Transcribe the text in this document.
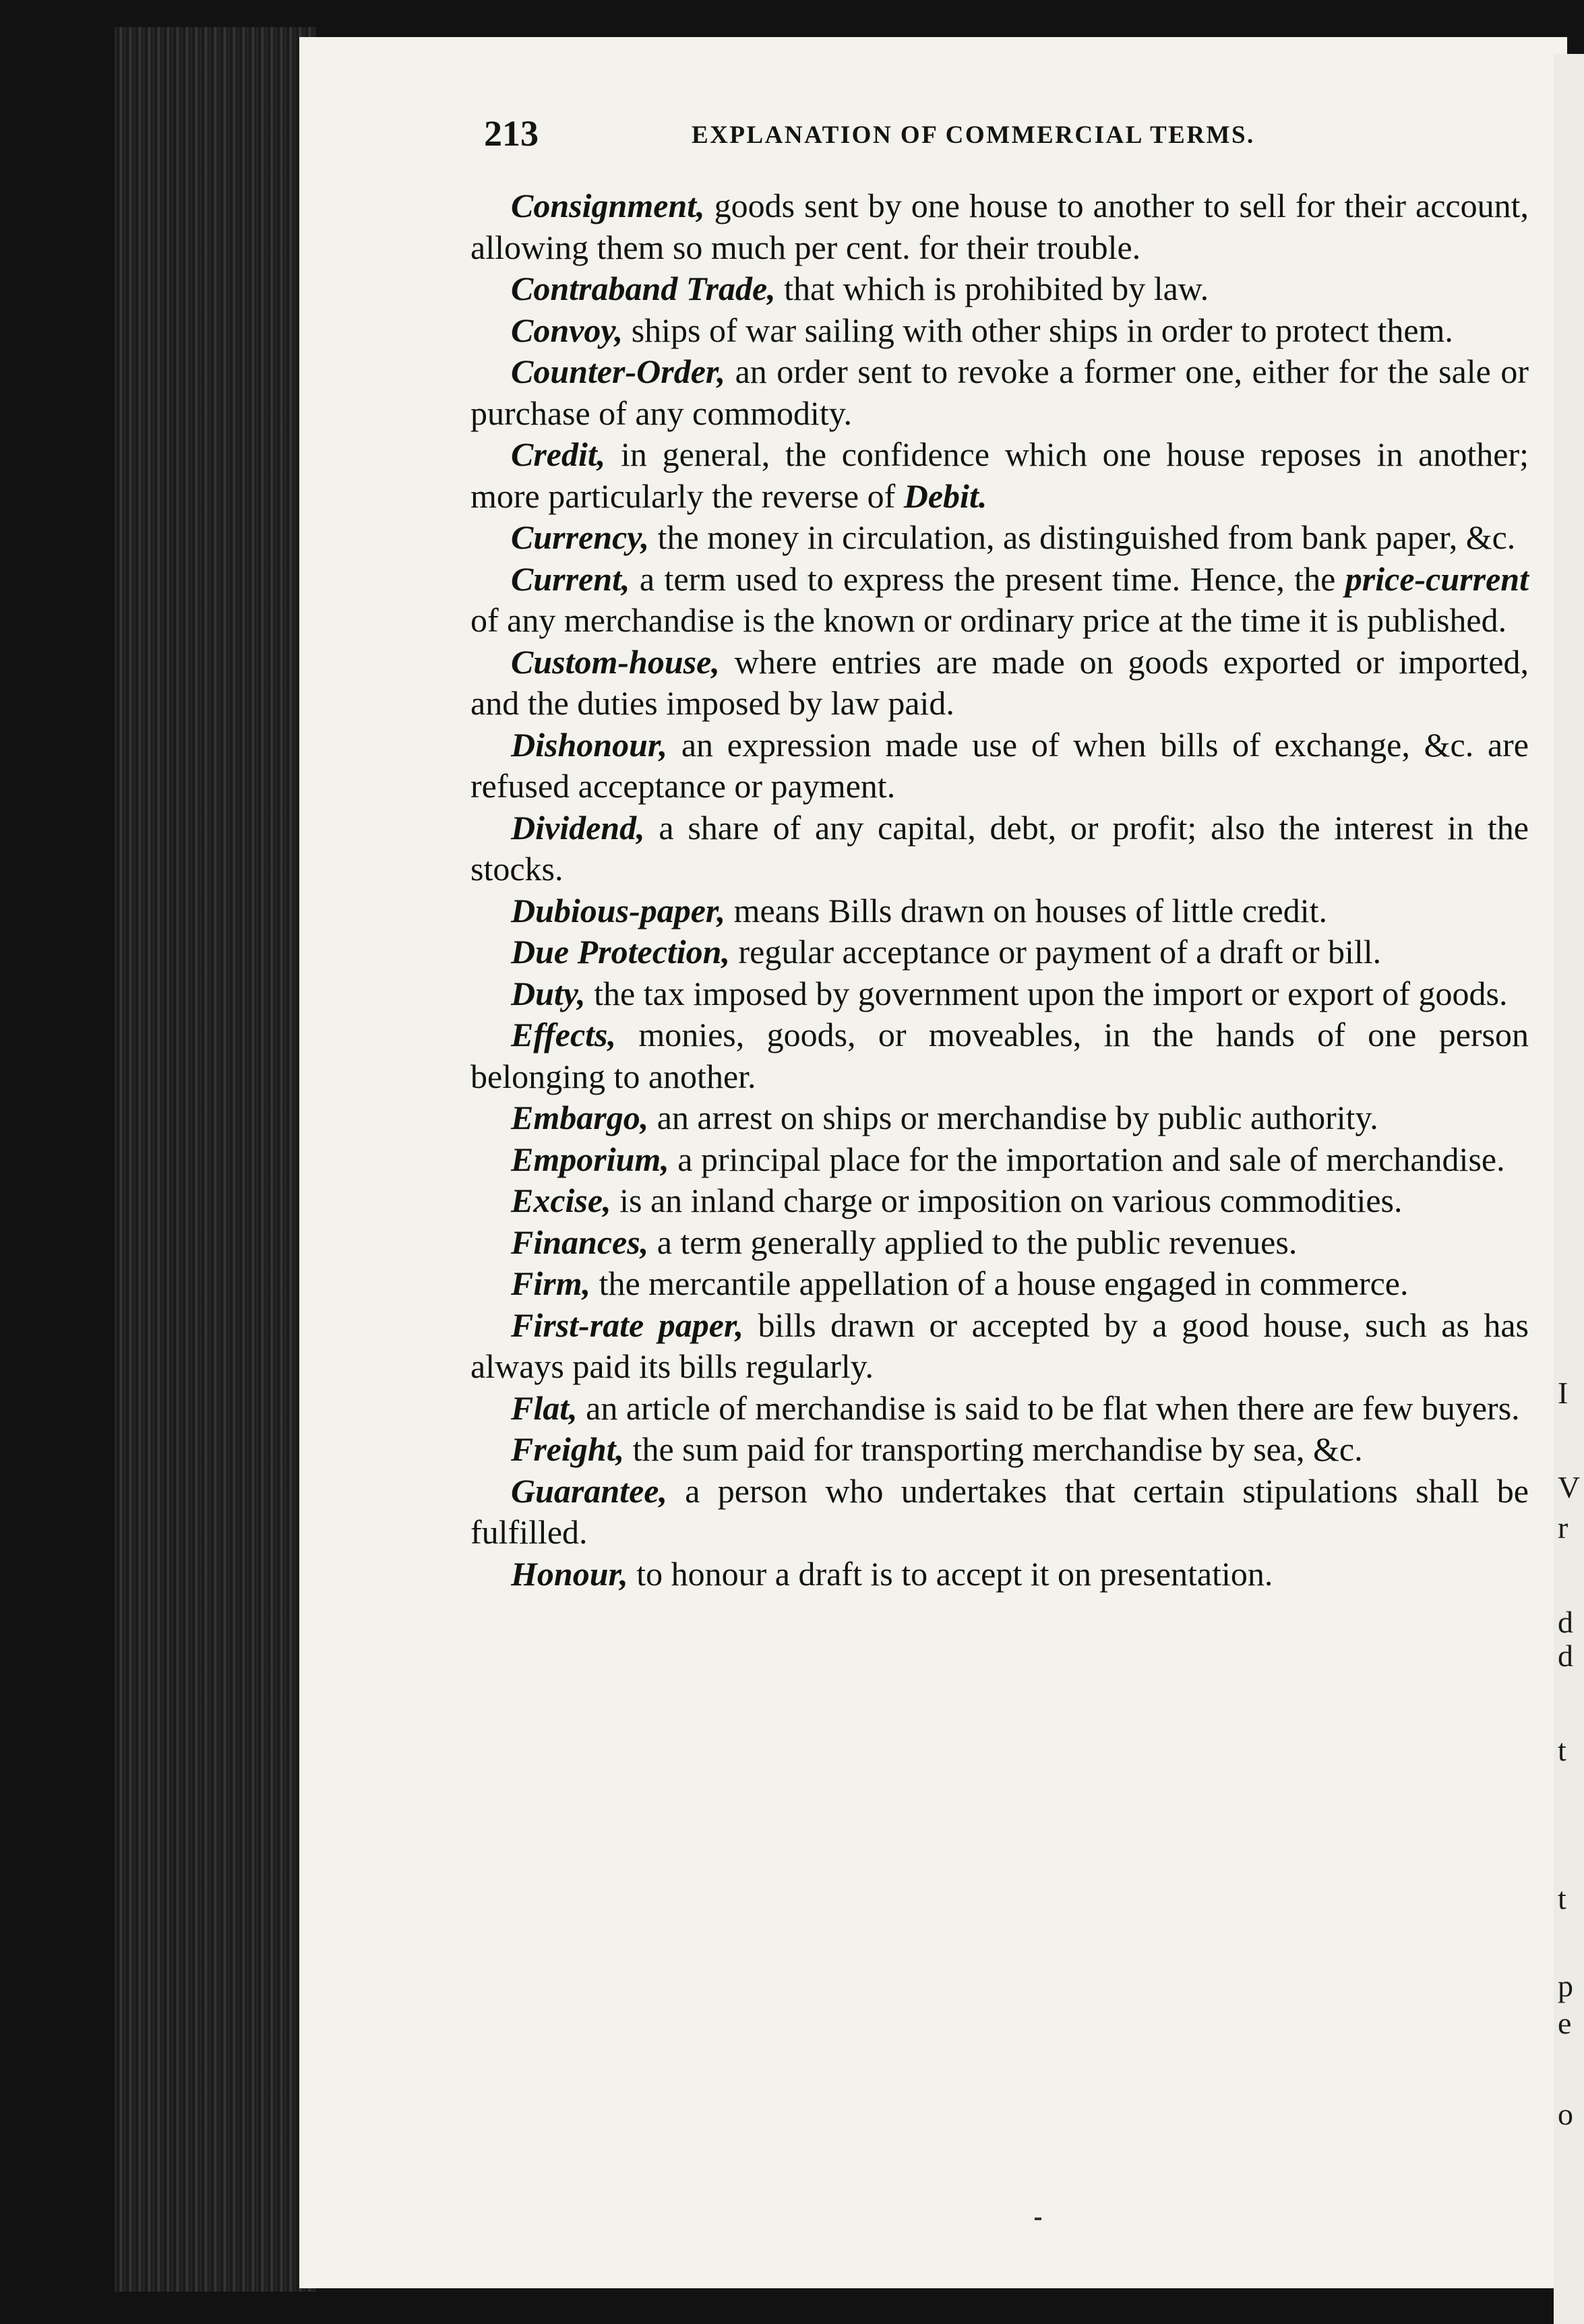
213	EXPLANATION OF COMMERCIAL TERMS.

Consignment, goods sent by one house to another to sell for their account, allowing them so much per cent. for their trouble.

Contraband Trade, that which is prohibited by law.

Convoy, ships of war sailing with other ships in order to protect them.

Counter-Order, an order sent to revoke a former one, either for the sale or purchase of any commodity.

Credit, in general, the confidence which one house reposes in another; more particularly the reverse of Debit.

Currency, the money in circulation, as distinguished from bank paper, &c.

Current, a term used to express the present time. Hence, the price-current of any merchandise is the known or ordinary price at the time it is published.

Custom-house, where entries are made on goods exported or imported, and the duties imposed by law paid.

Dishonour, an expression made use of when bills of exchange, &c. are refused acceptance or payment.

Dividend, a share of any capital, debt, or profit; also the interest in the stocks.

Dubious-paper, means Bills drawn on houses of little credit.

Due Protection, regular acceptance or payment of a draft or bill.

Duty, the tax imposed by government upon the import or export of goods.

Effects, monies, goods, or moveables, in the hands of one person belonging to another.

Embargo, an arrest on ships or merchandise by public authority.

Emporium, a principal place for the importation and sale of merchandise.

Excise, is an inland charge or imposition on various commodities.

Finances, a term generally applied to the public revenues.

Firm, the mercantile appellation of a house engaged in commerce.

First-rate paper, bills drawn or accepted by a good house, such as has always paid its bills regularly.

Flat, an article of merchandise is said to be flat when there are few buyers.

Freight, the sum paid for transporting merchandise by sea, &c.

Guarantee, a person who undertakes that certain stipulations shall be fulfilled.

Honour, to honour a draft is to accept it on presentation.

I
V
r
d
d
t
t
p
e
o
